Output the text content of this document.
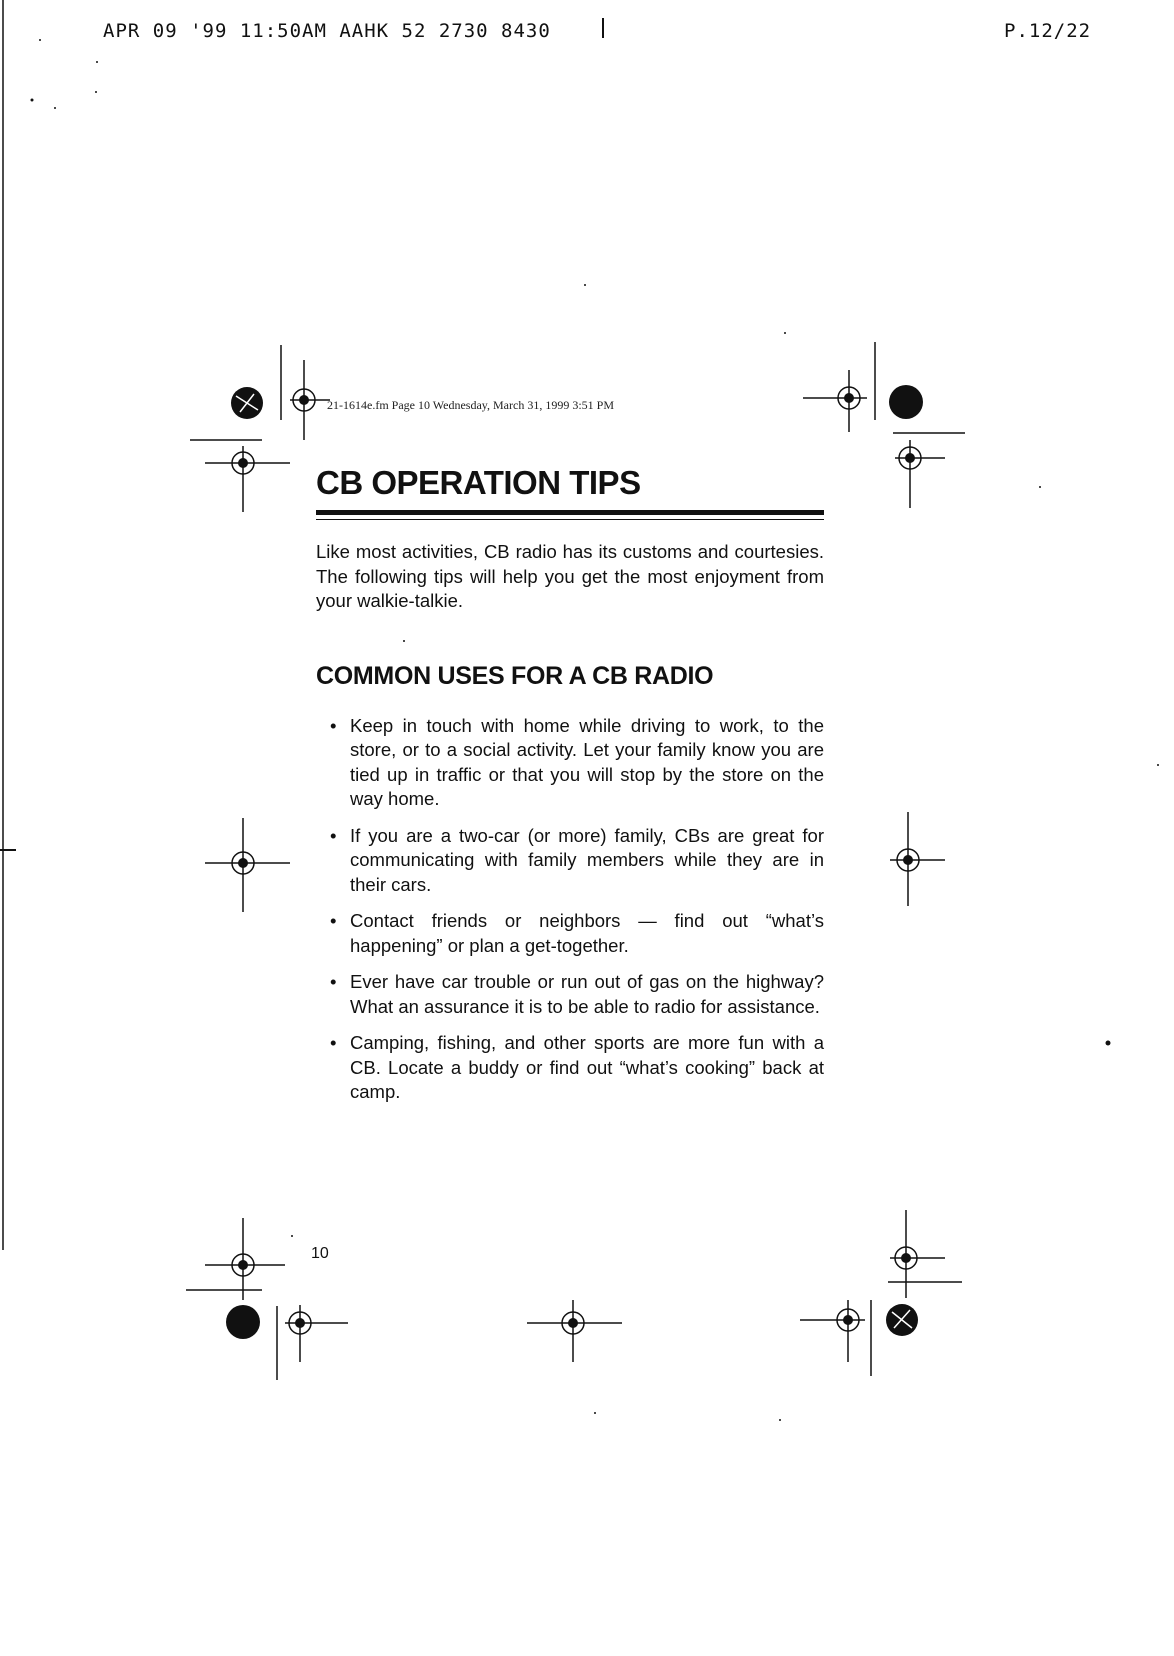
APR 09 '99 11:50AM AAHK 52 2730 8430	P.12/22
21-1614e.fm Page 10 Wednesday, March 31, 1999 3:51 PM
CB OPERATION TIPS

Like most activities, CB radio has its customs and courtesies. The following tips will help you get the most enjoyment from your walkie-talkie.

COMMON USES FOR A CB RADIO
• Keep in touch with home while driving to work, to the store, or to a social activity. Let your family know you are tied up in traffic or that you will stop by the store on the way home.
• If you are a two-car (or more) family, CBs are great for communicating with family members while they are in their cars.
• Contact friends or neighbors — find out “what’s happening” or plan a get-together.
• Ever have car trouble or run out of gas on the highway? What an assurance it is to be able to radio for assistance.
• Camping, fishing, and other sports are more fun with a CB. Locate a buddy or find out “what’s cooking” back at camp.
10
